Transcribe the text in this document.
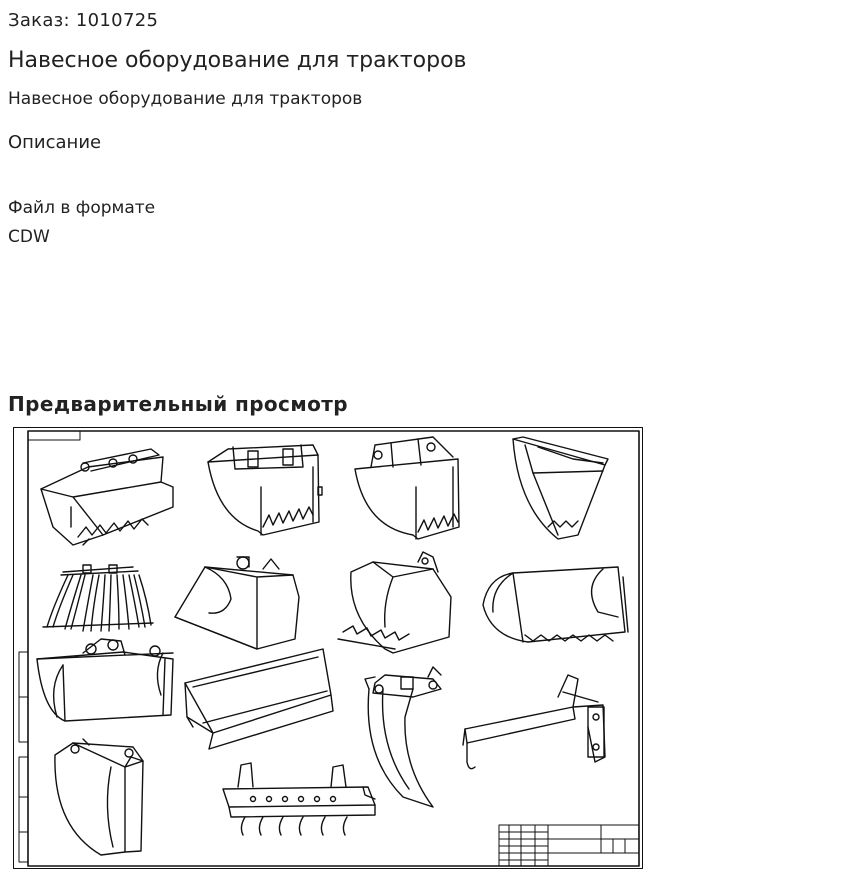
Заказ: 1010725
Навесное оборудование для тракторов
Навесное оборудование для тракторов
Описание
Файл в формате CDW
Предварительный просмотр
